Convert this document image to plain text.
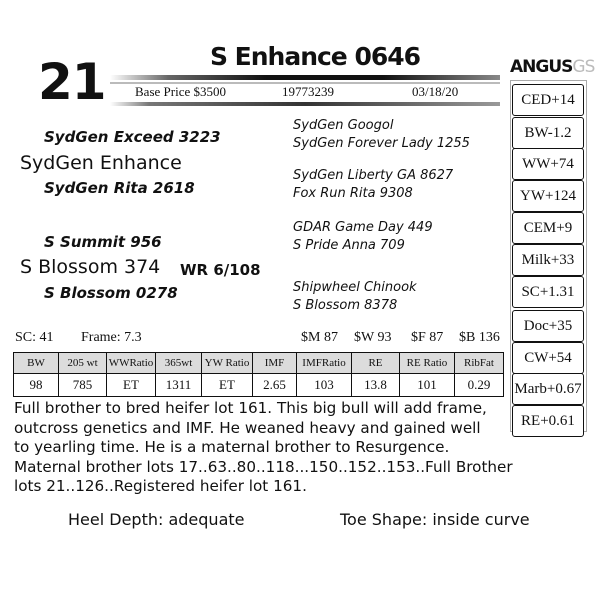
21	S Enhance 0646
Base Price $3500	19773239	03/18/20
SydGen Exceed 3223
SydGen Enhance
SydGen Rita 2618
S Summit 956
S Blossom 374 WR 6/108
S Blossom 0278
SydGen Googol
SydGen Forever Lady 1255
SydGen Liberty GA 8627
Fox Run Rita 9308
GDAR Game Day 449
S Pride Anna 709
Shipwheel Chinook
S Blossom 8378
SC: 41 Frame: 7.3	$M 87 $W 93 $F 87 $B 136
BW	205 wt	WWRatio	365wt	YW Ratio	IMF	IMFRatio	RE	RE Ratio	RibFat
98	785	ET	1311	ET	2.65	103	13.8	101	0.29
Full brother to bred heifer lot 161. This big bull will add frame,
outcross genetics and IMF. He weaned heavy and gained well
to yearling time. He is a maternal brother to Resurgence.
Maternal brother lots 17..63..80..118...150..152..153..Full Brother
lots 21..126..Registered heifer lot 161.
Heel Depth: adequate	Toe Shape: inside curve
ANGUSGS
CED+14
BW-1.2
WW+74
YW+124
CEM+9
Milk+33
SC+1.31
Doc+35
CW+54
Marb+0.67
RE+0.61
